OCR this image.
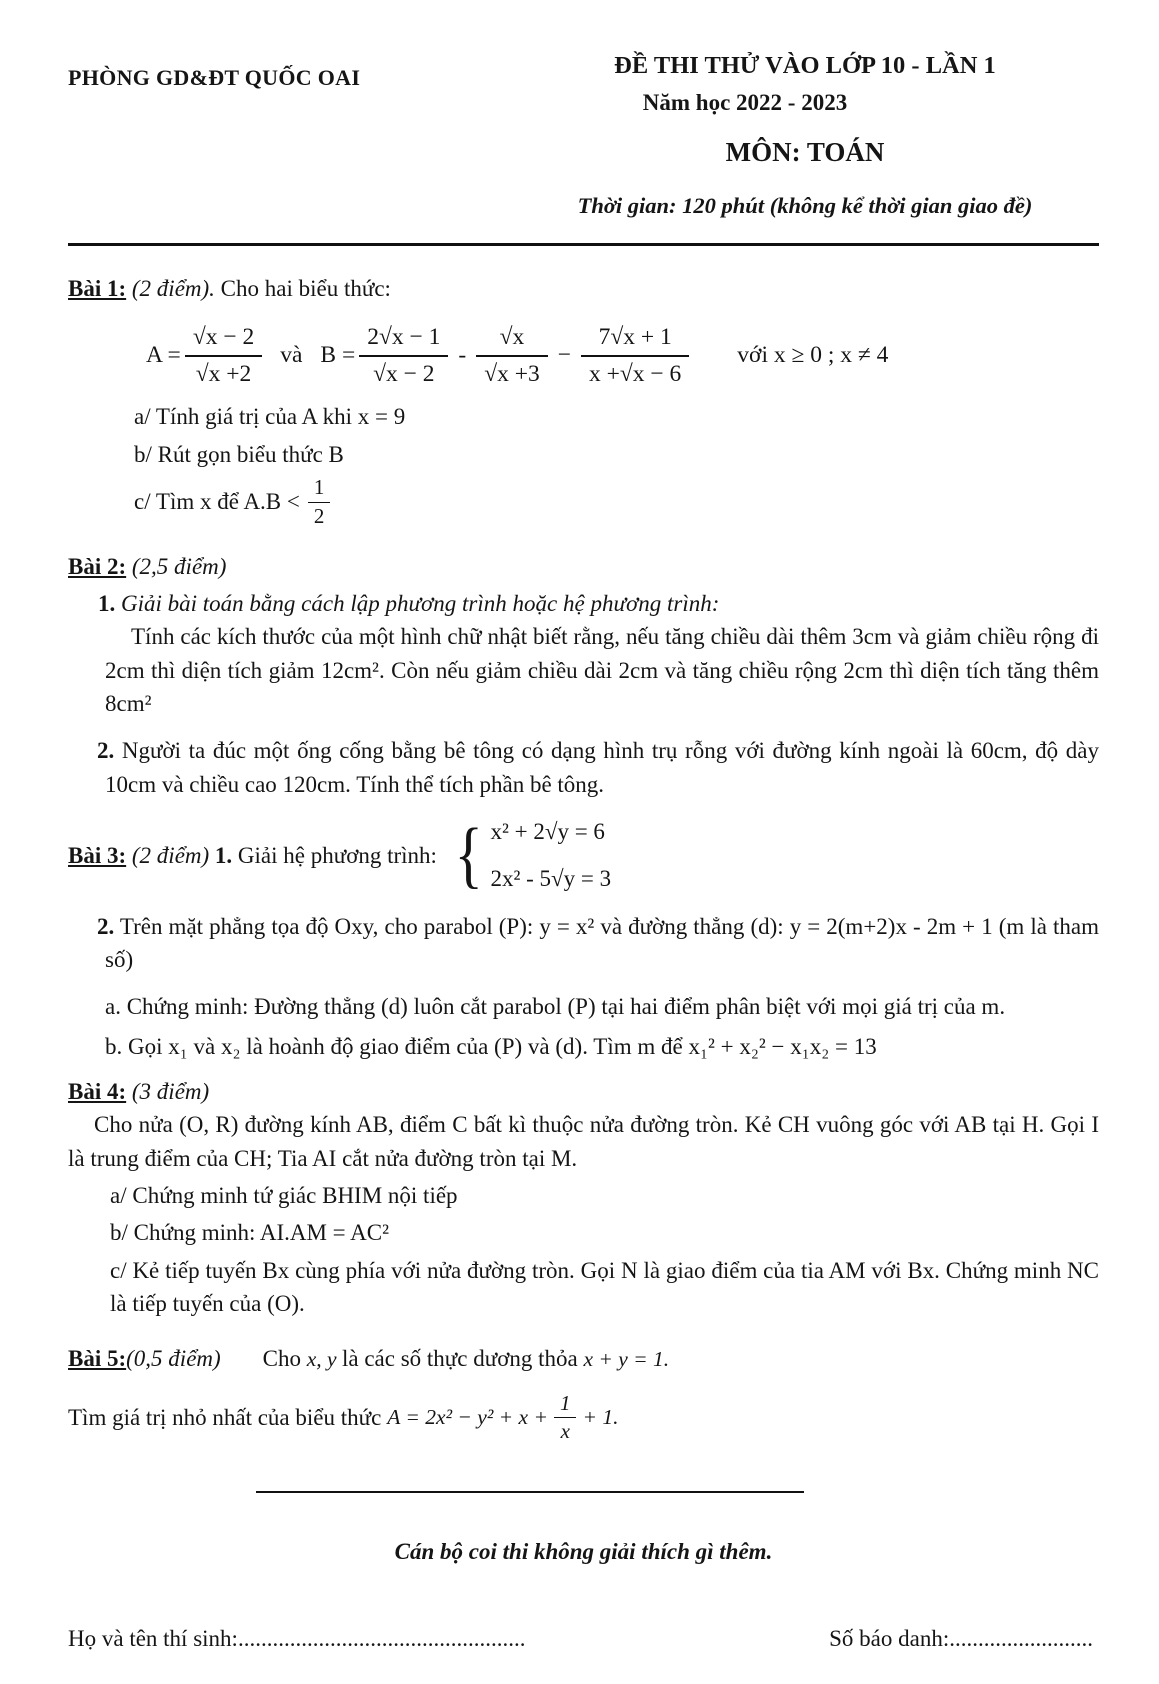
PHÒNG GD&ĐT QUỐC OAI	ĐỀ THI THỬ VÀO LỚP 10 - LẦN 1
Năm học 2022 - 2023
MÔN: TOÁN
Thời gian: 120 phút (không kể thời gian giao đề)
Bài 1: (2 điểm). Cho hai biểu thức:
$A = \frac{√x - 2}{√x +2}$ và $B = \frac{2√x - 1}{√x - 2} - \frac{√x}{√x +3} - \frac{7√x + 1}{x +√x - 6}$ với x ≥ 0 ; x ≠ 4
a/ Tính giá trị của A khi x = 9
b/ Rút gọn biểu thức B
c/ Tìm x để $A.B < \frac{1}{2}$
Bài 2: (2,5 điểm)
1. Giải bài toán bằng cách lập phương trình hoặc hệ phương trình:

Tính các kích thước của một hình chữ nhật biết rằng, nếu tăng chiều dài thêm 3cm và giảm chiều rộng đi 2cm thì diện tích giảm 12cm². Còn nếu giảm chiều dài 2cm và tăng chiều rộng 2cm thì diện tích tăng thêm 8cm²

2. Người ta đúc một ống cống bằng bê tông có dạng hình trụ rỗng với đường kính ngoài là 60cm, độ dày 10cm và chiều cao 120cm. Tính thể tích phần bê tông.

Bài 3: (2 điểm) 1. Giải hệ phương trình: { x² + 2√y = 6
2x² - 5√y = 3

2. Trên mặt phẳng tọa độ Oxy, cho parabol (P): y = x² và đường thẳng (d): y = 2(m+2)x - 2m + 1 (m là tham số)

a. Chứng minh: Đường thẳng (d) luôn cắt parabol (P) tại hai điểm phân biệt với mọi giá trị của m.

b. Gọi x₁ và x₂ là hoành độ giao điểm của (P) và (d). Tìm m để x₁² + x₂² − x₁x₂ = 13

Bài 4: (3 điểm)

Cho nửa (O, R) đường kính AB, điểm C bất kì thuộc nửa đường tròn. Kẻ CH vuông góc với AB tại H. Gọi I là trung điểm của CH; Tia AI cắt nửa đường tròn tại M.

a/ Chứng minh tứ giác BHIM nội tiếp
b/ Chứng minh: AI.AM = AC²
c/ Kẻ tiếp tuyến Bx cùng phía với nửa đường tròn. Gọi N là giao điểm của tia AM với Bx. Chứng minh NC là tiếp tuyến của (O).
Bài 5: (0,5 điểm) Cho x, y là các số thực dương thỏa x + y = 1.
Tìm giá trị nhỏ nhất của biểu thức $A = 2x^2 - y^2 + x + \frac{1}{x} + 1$.
Cán bộ coi thi không giải thích gì thêm.
Họ và tên thí sinh:..................................................	Số báo danh:.........................
